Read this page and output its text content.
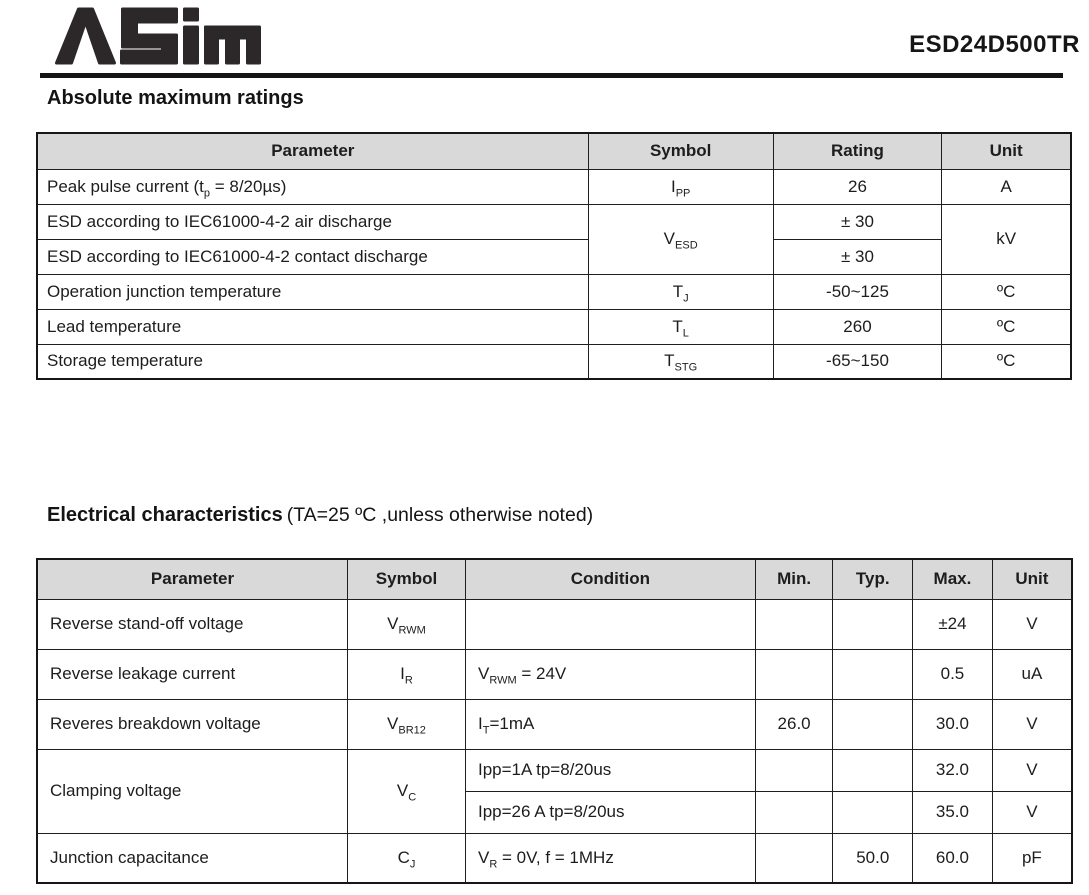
ESD24D500TR
Absolute maximum ratings
Parameter	Symbol	Rating	Unit
Peak pulse current $(t_p = 8/20\mu s)$	$I_{PP}$	26	A
ESD according to IEC61000-4-2 air discharge	$V_{ESD}$	± 30	kV
ESD according to IEC61000-4-2 contact discharge		± 30	
Operation junction temperature	$T_J$	-50~125	ºC
Lead temperature	$T_L$	260	ºC
Storage temperature	$T_{STG}$	-65~150	ºC
Electrical characteristics (TA=25 ºC ,unless otherwise noted)
Parameter	Symbol	Condition	Min.	Typ.	Max.	Unit
Reverse stand-off voltage	$V_{RWM}$				±24	V
Reverse leakage current	$I_R$	$V_{RWM} = 24V$			0.5	uA
Reveres breakdown voltage	$V_{BR12}$	$I_T=1mA$	26.0		30.0	V
Clamping voltage	$V_C$	Ipp=1A tp=8/20us			32.0	V
		Ipp=26 A tp=8/20us			35.0	V
Junction capacitance	$C_J$	$V_R = 0V$, f = 1MHz		50.0	60.0	pF
